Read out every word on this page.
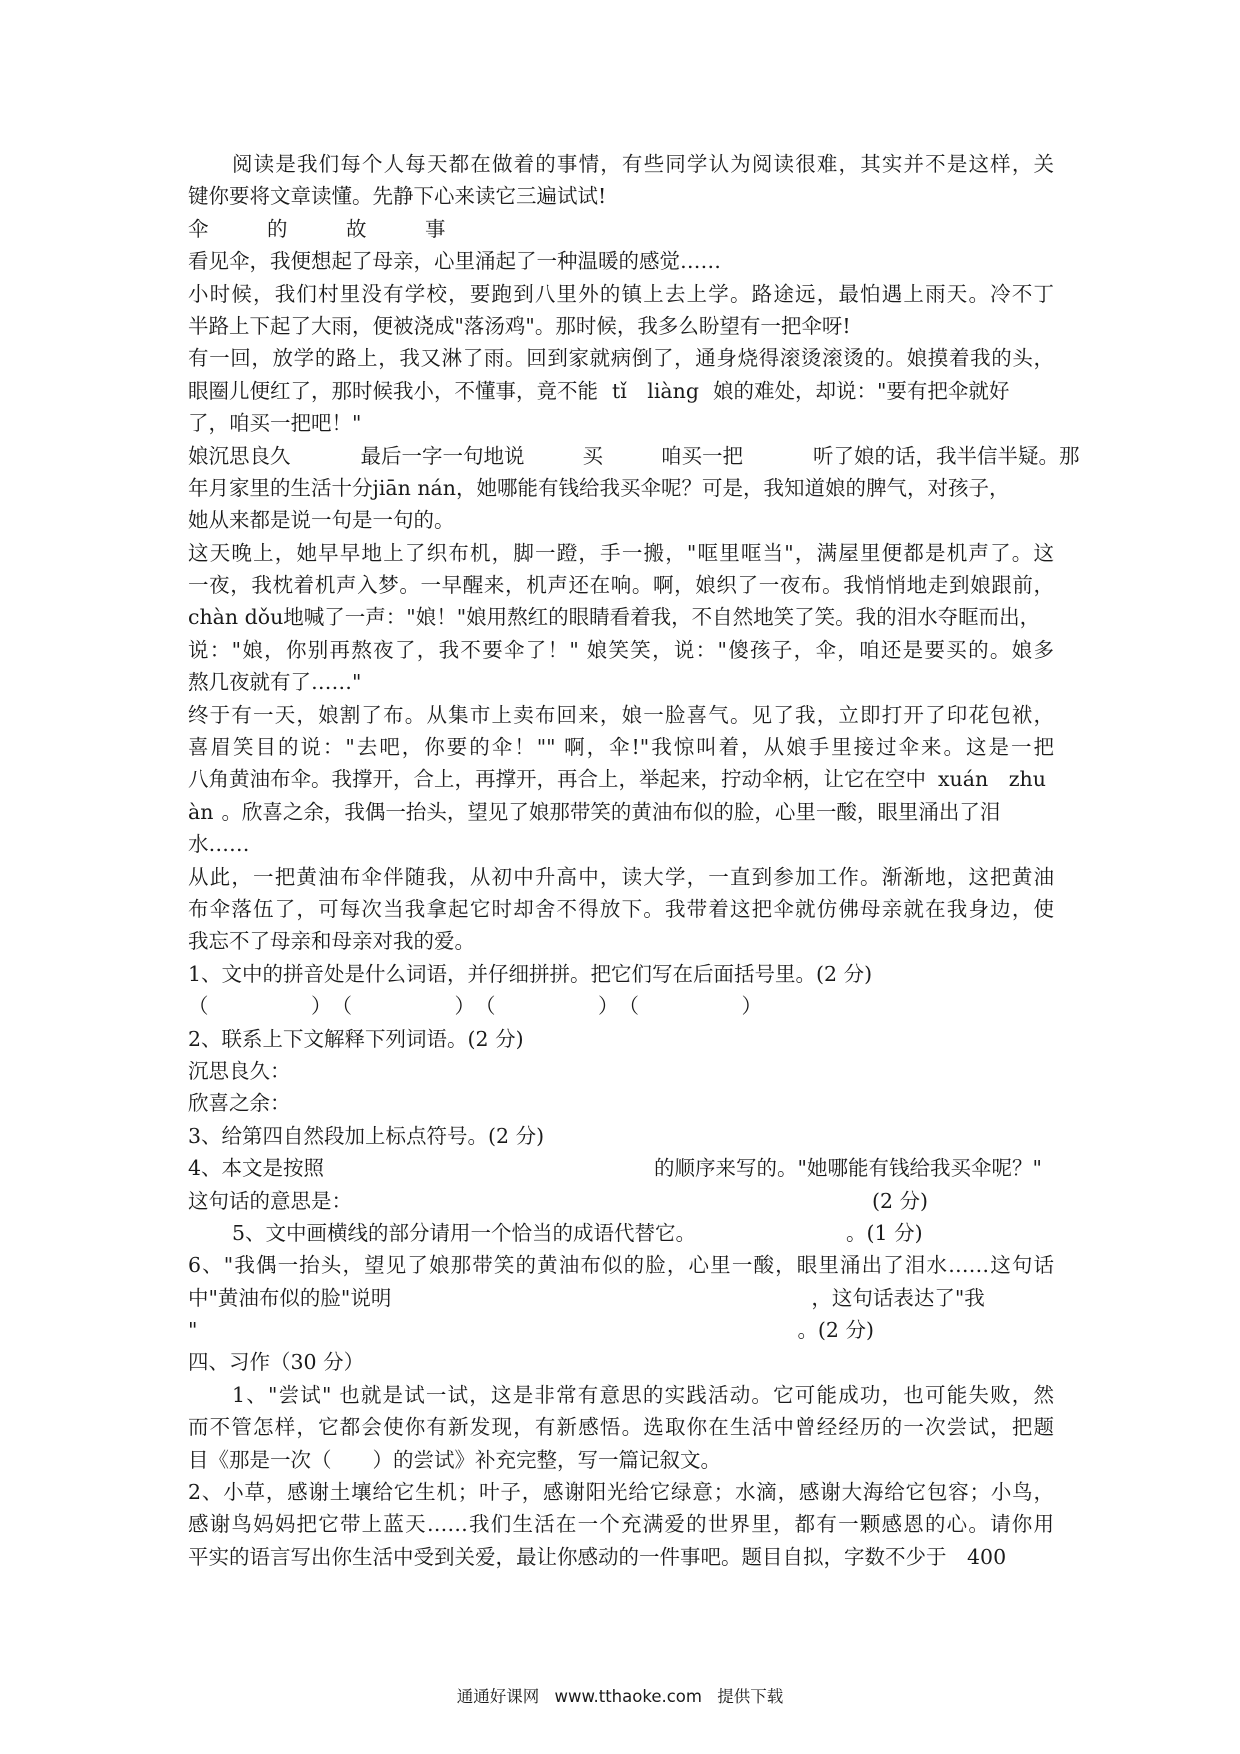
阅读是我们每个人每天都在做着的事情，有些同学认为阅读很难，其实并不是这样，关
键你要将文章读懂。先静下心来读它三遍试试!
伞 的 故 事
看见伞，我便想起了母亲，心里涌起了一种温暖的感觉……
小时候，我们村里没有学校，要跑到八里外的镇上去上学。路途远，最怕遇上雨天。冷不丁
半路上下起了大雨，便被浇成"落汤鸡"。那时候，我多么盼望有一把伞呀!
有一回，放学的路上，我又淋了雨。回到家就病倒了，通身烧得滚烫滚烫的。娘摸着我的头，
眼圈儿便红了，那时候我小，不懂事，竟不能 tǐ　liàng 娘的难处，却说："要有把伞就好
了，咱买一把吧！"
娘沉思良久	最后一字一句地说	买	咱买一把	听了娘的话，我半信半疑。那
年月家里的生活十分jiān nán，她哪能有钱给我买伞呢？可是，我知道娘的脾气，对孩子，
她从来都是说一句是一句的。
这天晚上，她早早地上了织布机，脚一蹬，手一搬，"哐里哐当"，满屋里便都是机声了。这
一夜，我枕着机声入梦。一早醒来，机声还在响。啊，娘织了一夜布。我悄悄地走到娘跟前，
chàn dǒu地喊了一声："娘！"娘用熬红的眼睛看着我，不自然地笑了笑。我的泪水夺眶而出，
说："娘，你别再熬夜了，我不要伞了！" 娘笑笑，说："傻孩子，伞，咱还是要买的。娘多
熬几夜就有了……"
终于有一天，娘割了布。从集市上卖布回来，娘一脸喜气。见了我，立即打开了印花包袱，
喜眉笑目的说："去吧，你要的伞！"" 啊，伞!"我惊叫着，从娘手里接过伞来。这是一把
八角黄油布伞。我撑开，合上，再撑开，再合上，举起来，拧动伞柄，让它在空中 xuán　zhu
àn 。欣喜之余，我偶一抬头，望见了娘那带笑的黄油布似的脸，心里一酸，眼里涌出了泪
水……
从此，一把黄油布伞伴随我，从初中升高中，读大学，一直到参加工作。渐渐地，这把黄油
布伞落伍了，可每次当我拿起它时却舍不得放下。我带着这把伞就仿佛母亲就在我身边，使
我忘不了母亲和母亲对我的爱。
1、文中的拼音处是什么词语，并仔细拼拼。把它们写在后面括号里。(2 分)
（　　　　　）　（　　　　　）　（　　　　　）　（　　　　　）
2、联系上下文解释下列词语。(2 分)
沉思良久：
欣喜之余：
3、给第四自然段加上标点符号。(2 分)
4、本文是按照	的顺序来写的。"她哪能有钱给我买伞呢？"
这句话的意思是：	(2 分)
5、文中画横线的部分请用一个恰当的成语代替它。	。(1 分)
6、"我偶一抬头，望见了娘那带笑的黄油布似的脸，心里一酸，眼里涌出了泪水……这句话
中"黄油布似的脸"说明	，这句话表达了"我
"	。(2 分)
四、习作（30 分）
1、"尝试" 也就是试一试，这是非常有意思的实践活动。它可能成功，也可能失败，然
而不管怎样，它都会使你有新发现，有新感悟。选取你在生活中曾经经历的一次尝试，把题
目《那是一次（　　）的尝试》补充完整，写一篇记叙文。
2、小草，感谢土壤给它生机；叶子，感谢阳光给它绿意；水滴，感谢大海给它包容；小鸟，
感谢鸟妈妈把它带上蓝天……我们生活在一个充满爱的世界里，都有一颗感恩的心。请你用
平实的语言写出你生活中受到关爱，最让你感动的一件事吧。题目自拟，字数不少于　400
通通好课网 www.tthaoke.com 提供下载
